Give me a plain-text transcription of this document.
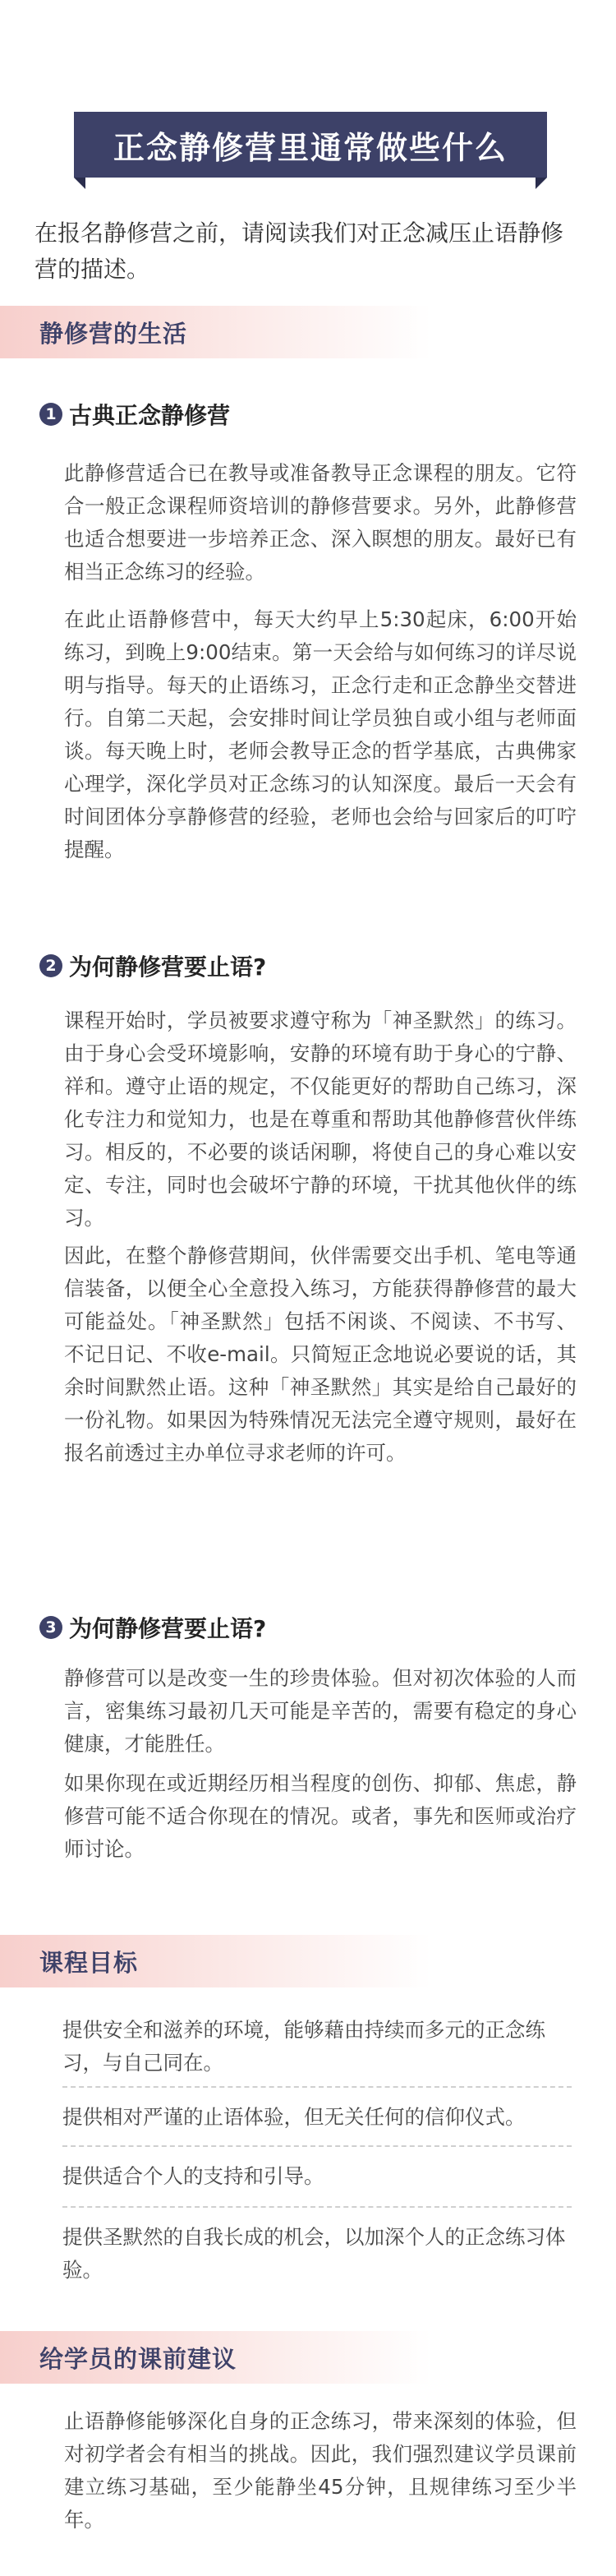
正念静修营里通常做些什么
在报名静修营之前，请阅读我们对正念减压止语静修营的描述。
静修营的生活
1 古典正念静修营
此静修营适合已在教导或准备教导正念课程的朋友。它符合一般正念课程师资培训的静修营要求。另外，此静修营也适合想要进一步培养正念、深入瞑想的朋友。最好已有相当正念练习的经验。
在此止语静修营中，每天大约早上5:30起床，6:00开始练习，到晚上9:00结束。第一天会给与如何练习的详尽说明与指导。每天的止语练习，正念行走和正念静坐交替进行。自第二天起，会安排时间让学员独自或小组与老师面谈。每天晚上时，老师会教导正念的哲学基底，古典佛家心理学，深化学员对正念练习的认知深度。最后一天会有时间团体分享静修营的经验，老师也会给与回家后的叮咛提醒。
2 为何静修营要止语?
课程开始时，学员被要求遵守称为「神圣默然」的练习。由于身心会受环境影响，安静的环境有助于身心的宁静、祥和。遵守止语的规定，不仅能更好的帮助自己练习，深化专注力和觉知力，也是在尊重和帮助其他静修营伙伴练习。相反的，不必要的谈话闲聊，将使自己的身心难以安定、专注，同时也会破坏宁静的环境，干扰其他伙伴的练习。
因此，在整个静修营期间，伙伴需要交出手机、笔电等通信装备，以便全心全意投入练习，方能获得静修营的最大可能益处。「神圣默然」包括不闲谈、不阅读、不书写、不记日记、不收e-mail。只简短正念地说必要说的话，其余时间默然止语。这种「神圣默然」其实是给自己最好的一份礼物。如果因为特殊情况无法完全遵守规则，最好在报名前透过主办单位寻求老师的许可。
3 为何静修营要止语?
静修营可以是改变一生的珍贵体验。但对初次体验的人而言，密集练习最初几天可能是辛苦的，需要有稳定的身心健康，才能胜任。
如果你现在或近期经历相当程度的创伤、抑郁、焦虑，静修营可能不适合你现在的情况。或者，事先和医师或治疗师讨论。
课程目标
提供安全和滋养的环境，能够藉由持续而多元的正念练习，与自己同在。
提供相对严谨的止语体验，但无关任何的信仰仪式。
提供适合个人的支持和引导。
提供圣默然的自我长成的机会，以加深个人的正念练习体验。
给学员的课前建议
止语静修能够深化自身的正念练习，带来深刻的体验，但对初学者会有相当的挑战。因此，我们强烈建议学员课前建立练习基础，至少能静坐45分钟，且规律练习至少半年。
